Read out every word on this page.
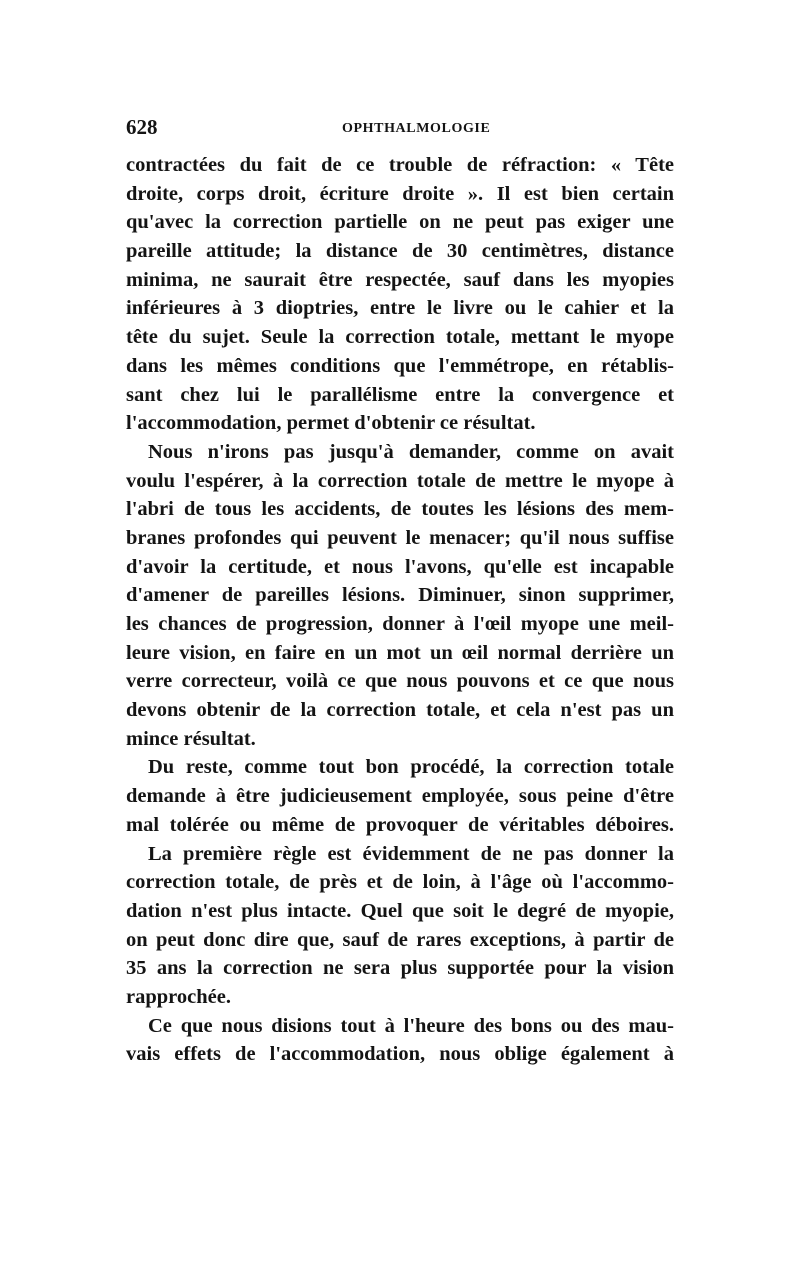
628	OPHTHALMOLOGIE

contractées du fait de ce trouble de réfraction: « Tête
droite, corps droit, écriture droite ». Il est bien certain
qu'avec la correction partielle on ne peut pas exiger une
pareille attitude; la distance de 30 centimètres, distance
minima, ne saurait être respectée, sauf dans les myopies
inférieures à 3 dioptries, entre le livre ou le cahier et la
tête du sujet. Seule la correction totale, mettant le myope
dans les mêmes conditions que l'emmétrope, en rétablis-
sant chez lui le parallélisme entre la convergence et
l'accommodation, permet d'obtenir ce résultat.

Nous n'irons pas jusqu'à demander, comme on avait
voulu l'espérer, à la correction totale de mettre le myope à
l'abri de tous les accidents, de toutes les lésions des mem-
branes profondes qui peuvent le menacer; qu'il nous suffise
d'avoir la certitude, et nous l'avons, qu'elle est incapable
d'amener de pareilles lésions. Diminuer, sinon supprimer,
les chances de progression, donner à l'œil myope une meil-
leure vision, en faire en un mot un œil normal derrière un
verre correcteur, voilà ce que nous pouvons et ce que nous
devons obtenir de la correction totale, et cela n'est pas un
mince résultat.

Du reste, comme tout bon procédé, la correction totale
demande à être judicieusement employée, sous peine d'être
mal tolérée ou même de provoquer de véritables déboires.

La première règle est évidemment de ne pas donner la
correction totale, de près et de loin, à l'âge où l'accommo-
dation n'est plus intacte. Quel que soit le degré de myopie,
on peut donc dire que, sauf de rares exceptions, à partir de
35 ans la correction ne sera plus supportée pour la vision
rapprochée.

Ce que nous disions tout à l'heure des bons ou des mau-
vais effets de l'accommodation, nous oblige également à
